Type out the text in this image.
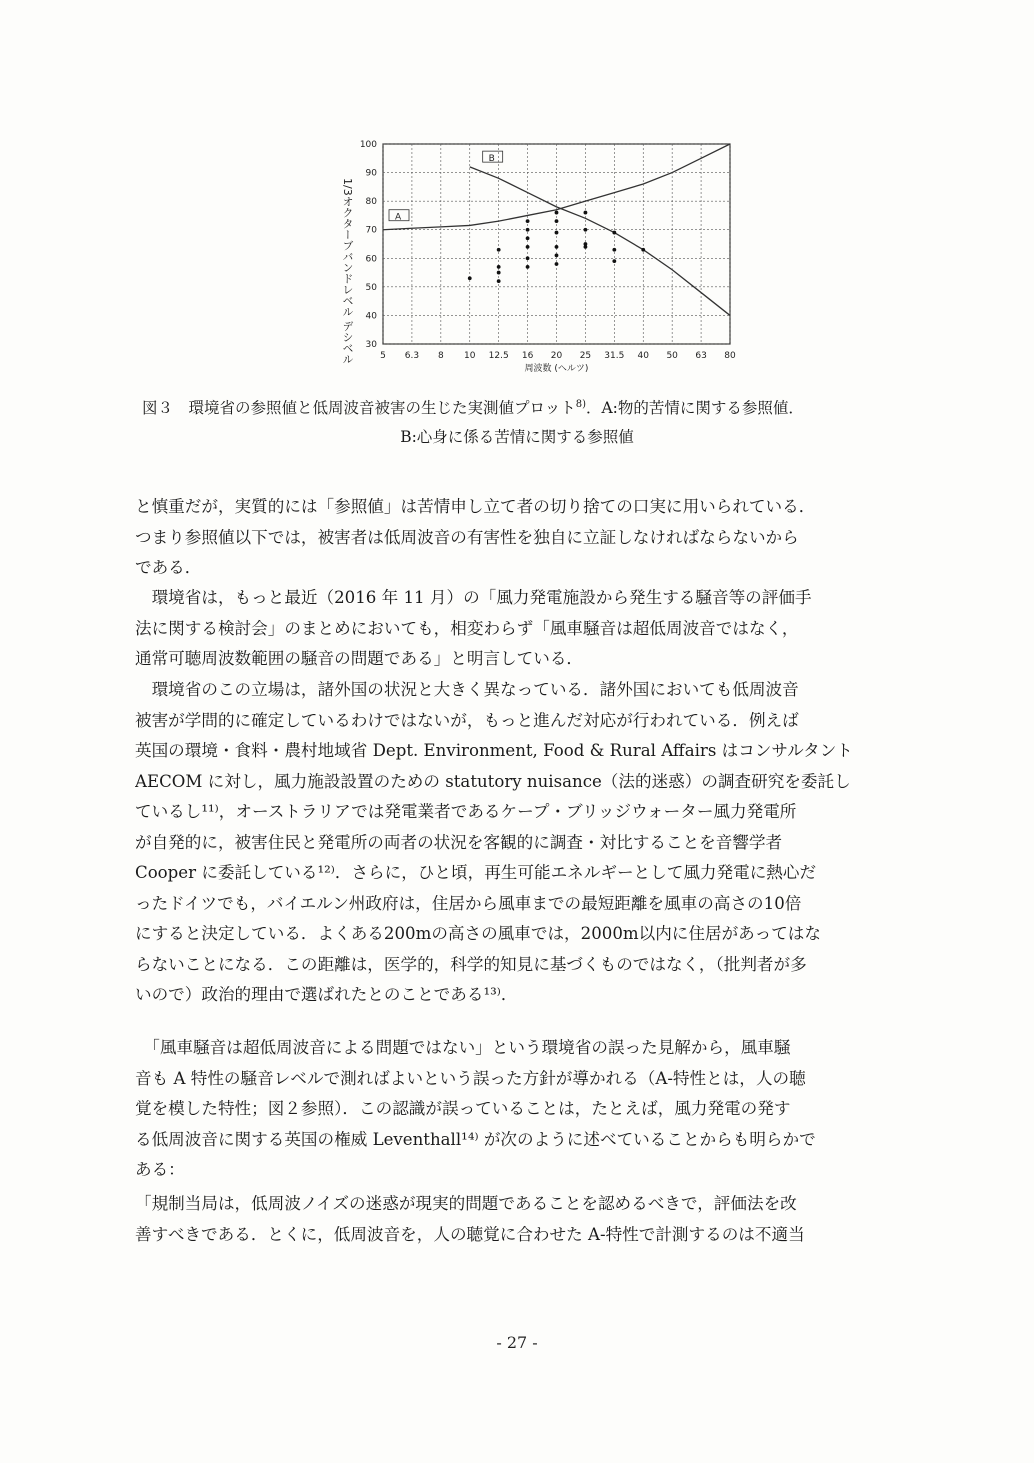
100
90
80
70
60
50
40
30
5 6.3 8 10 12.5 16 20 25 31.5 40 50 63 80
周波数 (ヘルツ)
A
B
1/3オクターブバンドレベル デシベル
図３　環境省の参照値と低周波音被害の生じた実測値プロット$^{8)}$．A:物的苦情に関する参照値．
B:心身に係る苦情に関する参照値
と慎重だが，実質的には「参照値」は苦情申し立て者の切り捨ての口実に用いられている．
つまり参照値以下では，被害者は低周波音の有害性を独自に立証しなければならないから
である．
　環境省は，もっと最近（2016 年 11 月）の「風力発電施設から発生する騒音等の評価手
法に関する検討会」のまとめにおいても，相変わらず「風車騒音は超低周波音ではなく，
通常可聴周波数範囲の騒音の問題である」と明言している．
　環境省のこの立場は，諸外国の状況と大きく異なっている．諸外国においても低周波音
被害が学問的に確定しているわけではないが，もっと進んだ対応が行われている．例えば
英国の環境・食料・農村地域省 Dept. Environment, Food & Rural Affairs はコンサルタント
AECOM に対し，風力施設設置のための statutory nuisance（法的迷惑）の調査研究を委託し
ているし¹¹⁾，オーストラリアでは発電業者であるケープ・ブリッジウォーター風力発電所
が自発的に，被害住民と発電所の両者の状況を客観的に調査・対比することを音響学者
Cooper に委託している¹²⁾．さらに，ひと頃，再生可能エネルギーとして風力発電に熱心だ
ったドイツでも，バイエルン州政府は，住居から風車までの最短距離を風車の高さの10倍
にすると決定している．よくある200mの高さの風車では，2000m以内に住居があってはな
らないことになる．この距離は，医学的，科学的知見に基づくものではなく，（批判者が多
いので）政治的理由で選ばれたとのことである¹³⁾．
　「風車騒音は超低周波音による問題ではない」という環境省の誤った見解から，風車騒
音も A 特性の騒音レベルで測ればよいという誤った方針が導かれる（A-特性とは，人の聴
覚を模した特性；図２参照）．この認識が誤っていることは，たとえば，風力発電の発す
る低周波音に関する英国の権威 Leventhall¹⁴⁾ が次のように述べていることからも明らかで
ある：
「規制当局は，低周波ノイズの迷惑が現実的問題であることを認めるべきで，評価法を改
善すべきである．とくに，低周波音を，人の聴覚に合わせた A-特性で計測するのは不適当
- 27 -
